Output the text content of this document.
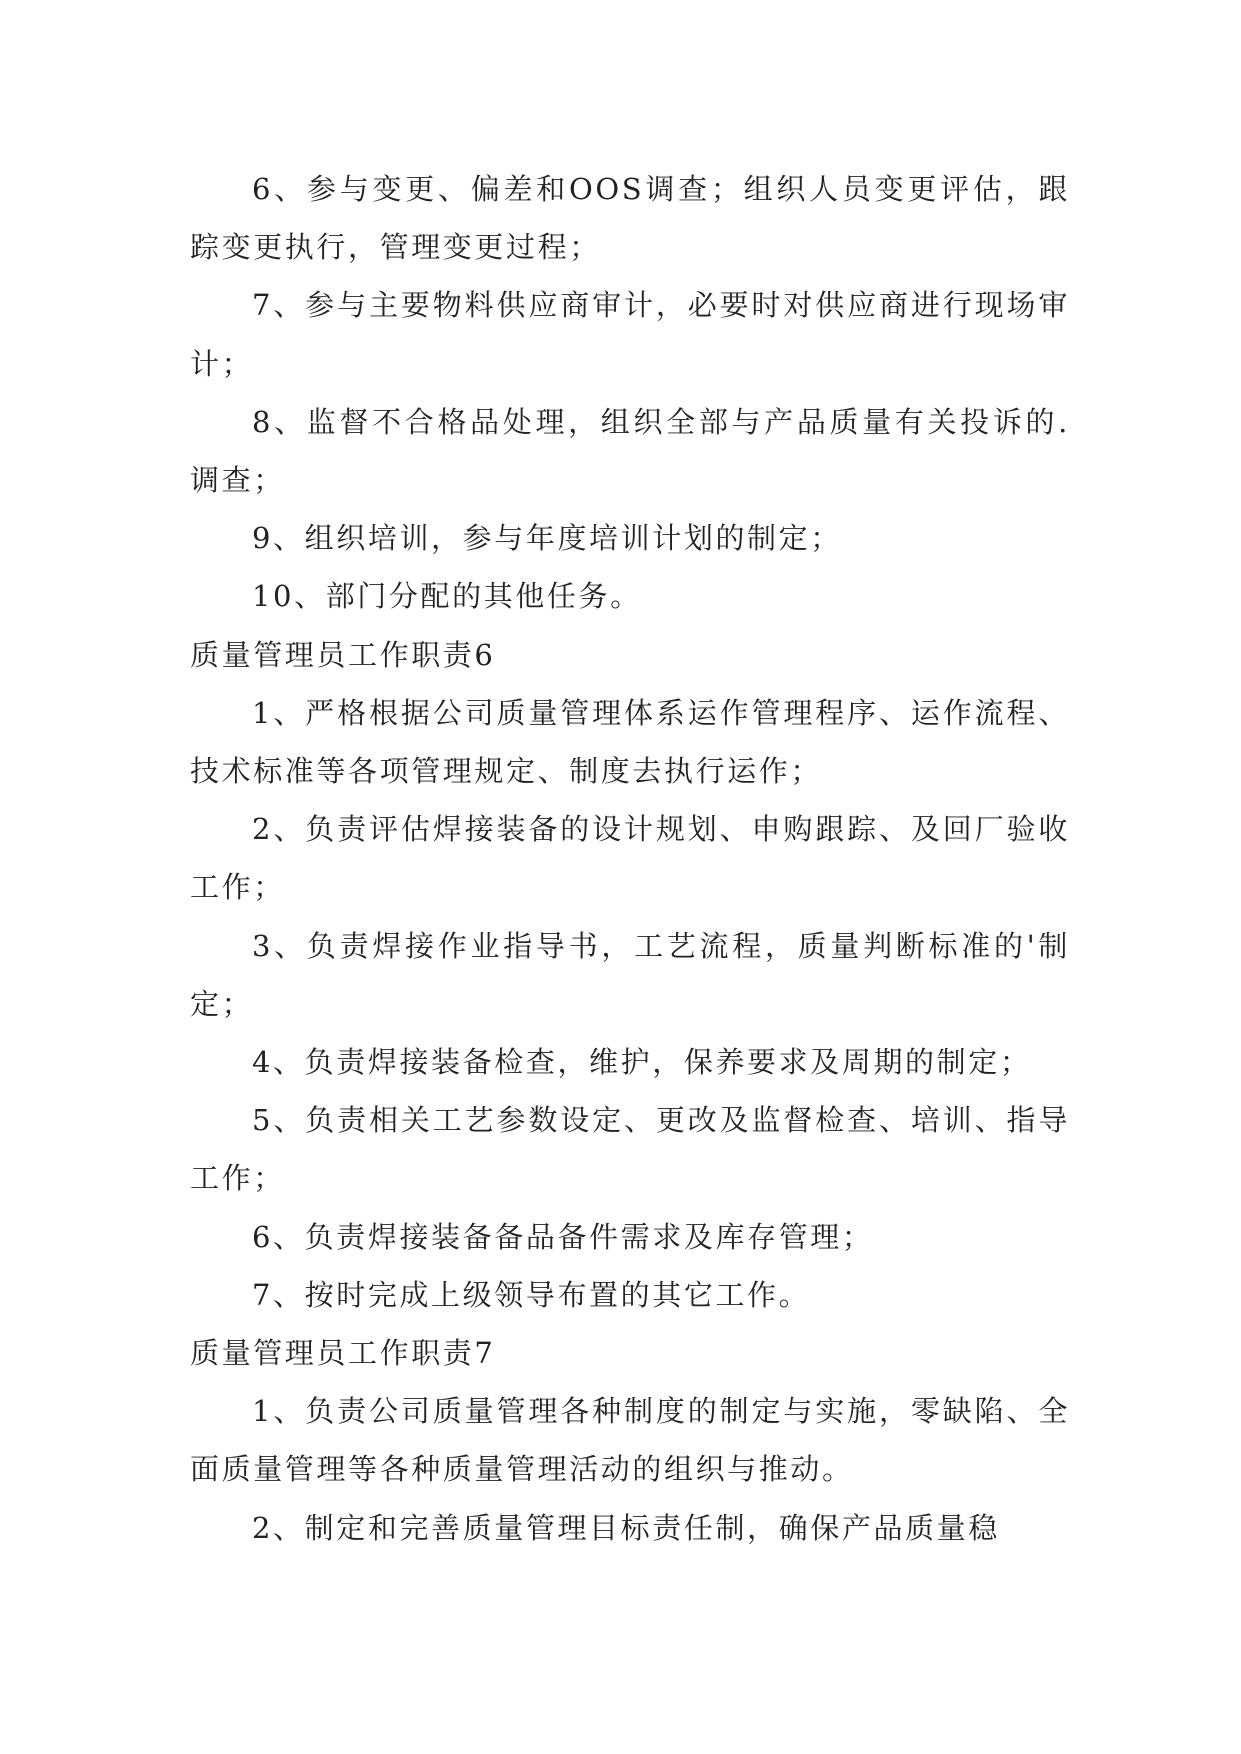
6、参与变更、偏差和OOS调查；组织人员变更评估，跟踪变更执行，管理变更过程；

7、参与主要物料供应商审计，必要时对供应商进行现场审计；

8、监督不合格品处理，组织全部与产品质量有关投诉的.调查；

9、组织培训，参与年度培训计划的制定；

10、部门分配的其他任务。

质量管理员工作职责6

1、严格根据公司质量管理体系运作管理程序、运作流程、技术标准等各项管理规定、制度去执行运作；

2、负责评估焊接装备的设计规划、申购跟踪、及回厂验收工作；

3、负责焊接作业指导书，工艺流程，质量判断标准的'制定；

4、负责焊接装备检查，维护，保养要求及周期的制定；

5、负责相关工艺参数设定、更改及监督检查、培训、指导工作；

6、负责焊接装备备品备件需求及库存管理；

7、按时完成上级领导布置的其它工作。

质量管理员工作职责7

1、负责公司质量管理各种制度的制定与实施，零缺陷、全面质量管理等各种质量管理活动的组织与推动。

2、制定和完善质量管理目标责任制，确保产品质量稳
